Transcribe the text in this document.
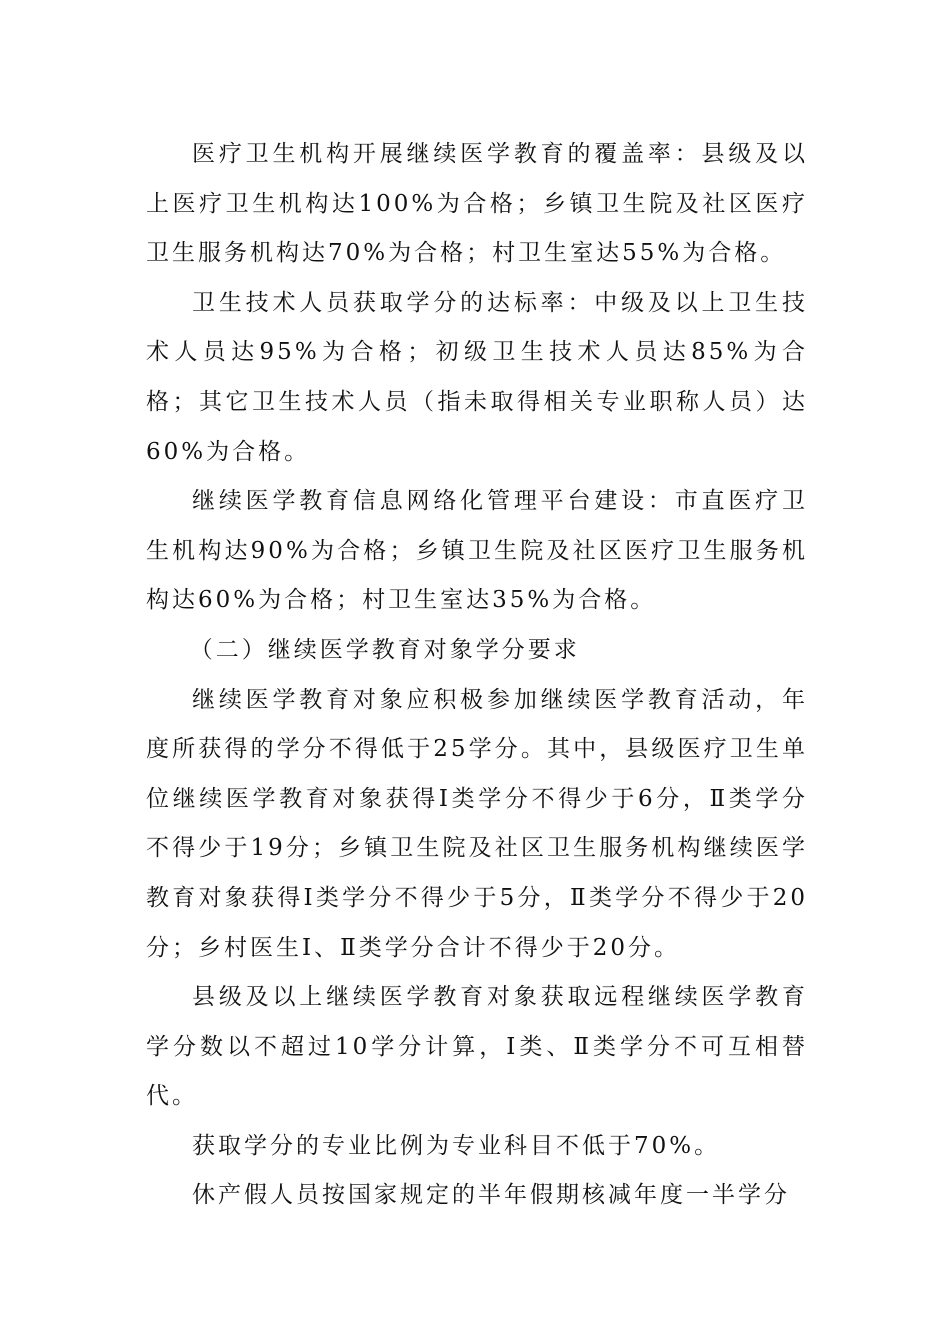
医疗卫生机构开展继续医学教育的覆盖率：县级及以上医疗卫生机构达100%为合格；乡镇卫生院及社区医疗卫生服务机构达70%为合格；村卫生室达55%为合格。

卫生技术人员获取学分的达标率：中级及以上卫生技术人员达95%为合格；初级卫生技术人员达85%为合格；其它卫生技术人员（指未取得相关专业职称人员）达60%为合格。

继续医学教育信息网络化管理平台建设：市直医疗卫生机构达90%为合格；乡镇卫生院及社区医疗卫生服务机构达60%为合格；村卫生室达35%为合格。

（二）继续医学教育对象学分要求

继续医学教育对象应积极参加继续医学教育活动，年度所获得的学分不得低于25学分。其中，县级医疗卫生单位继续医学教育对象获得Ⅰ类学分不得少于6分，Ⅱ类学分不得少于19分；乡镇卫生院及社区卫生服务机构继续医学教育对象获得Ⅰ类学分不得少于5分，Ⅱ类学分不得少于20分；乡村医生Ⅰ、Ⅱ类学分合计不得少于20分。

县级及以上继续医学教育对象获取远程继续医学教育学分数以不超过10学分计算，Ⅰ类、Ⅱ类学分不可互相替代。

获取学分的专业比例为专业科目不低于70%。

休产假人员按国家规定的半年假期核减年度一半学分
